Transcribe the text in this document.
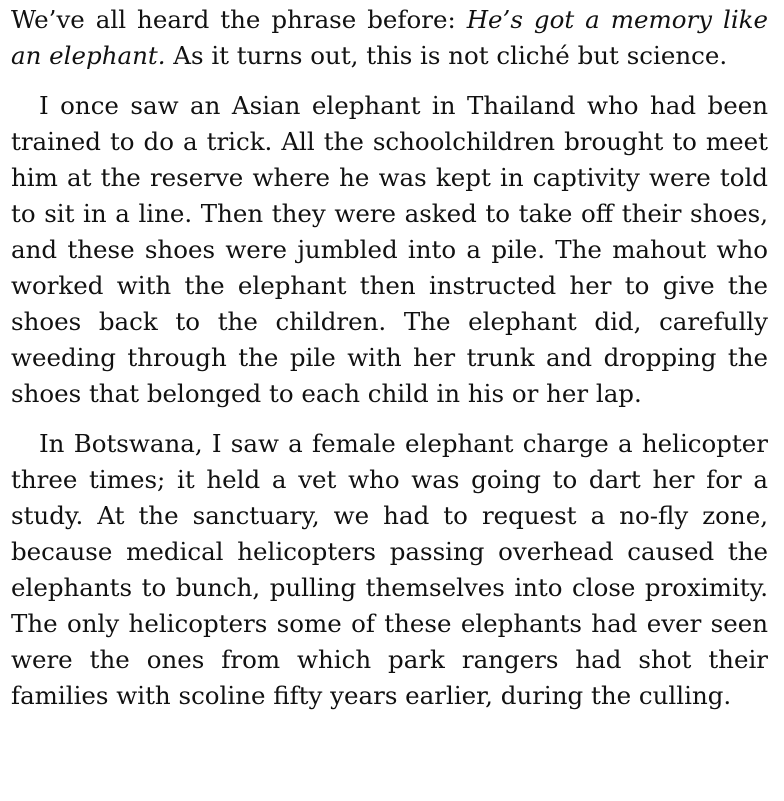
We’ve all heard the phrase before: He’s got a memory like an elephant. As it turns out, this is not cliché but science.

I once saw an Asian elephant in Thailand who had been trained to do a trick. All the schoolchildren brought to meet him at the reserve where he was kept in captivity were told to sit in a line. Then they were asked to take off their shoes, and these shoes were jumbled into a pile. The mahout who worked with the elephant then instructed her to give the shoes back to the children. The elephant did, carefully weeding through the pile with her trunk and dropping the shoes that belonged to each child in his or her lap.

In Botswana, I saw a female elephant charge a helicopter three times; it held a vet who was going to dart her for a study. At the sanctuary, we had to request a no-fly zone, because medical helicopters passing overhead caused the elephants to bunch, pulling themselves into close proximity. The only helicopters some of these elephants had ever seen were the ones from which park rangers had shot their families with scoline fifty years earlier, during the culling.
